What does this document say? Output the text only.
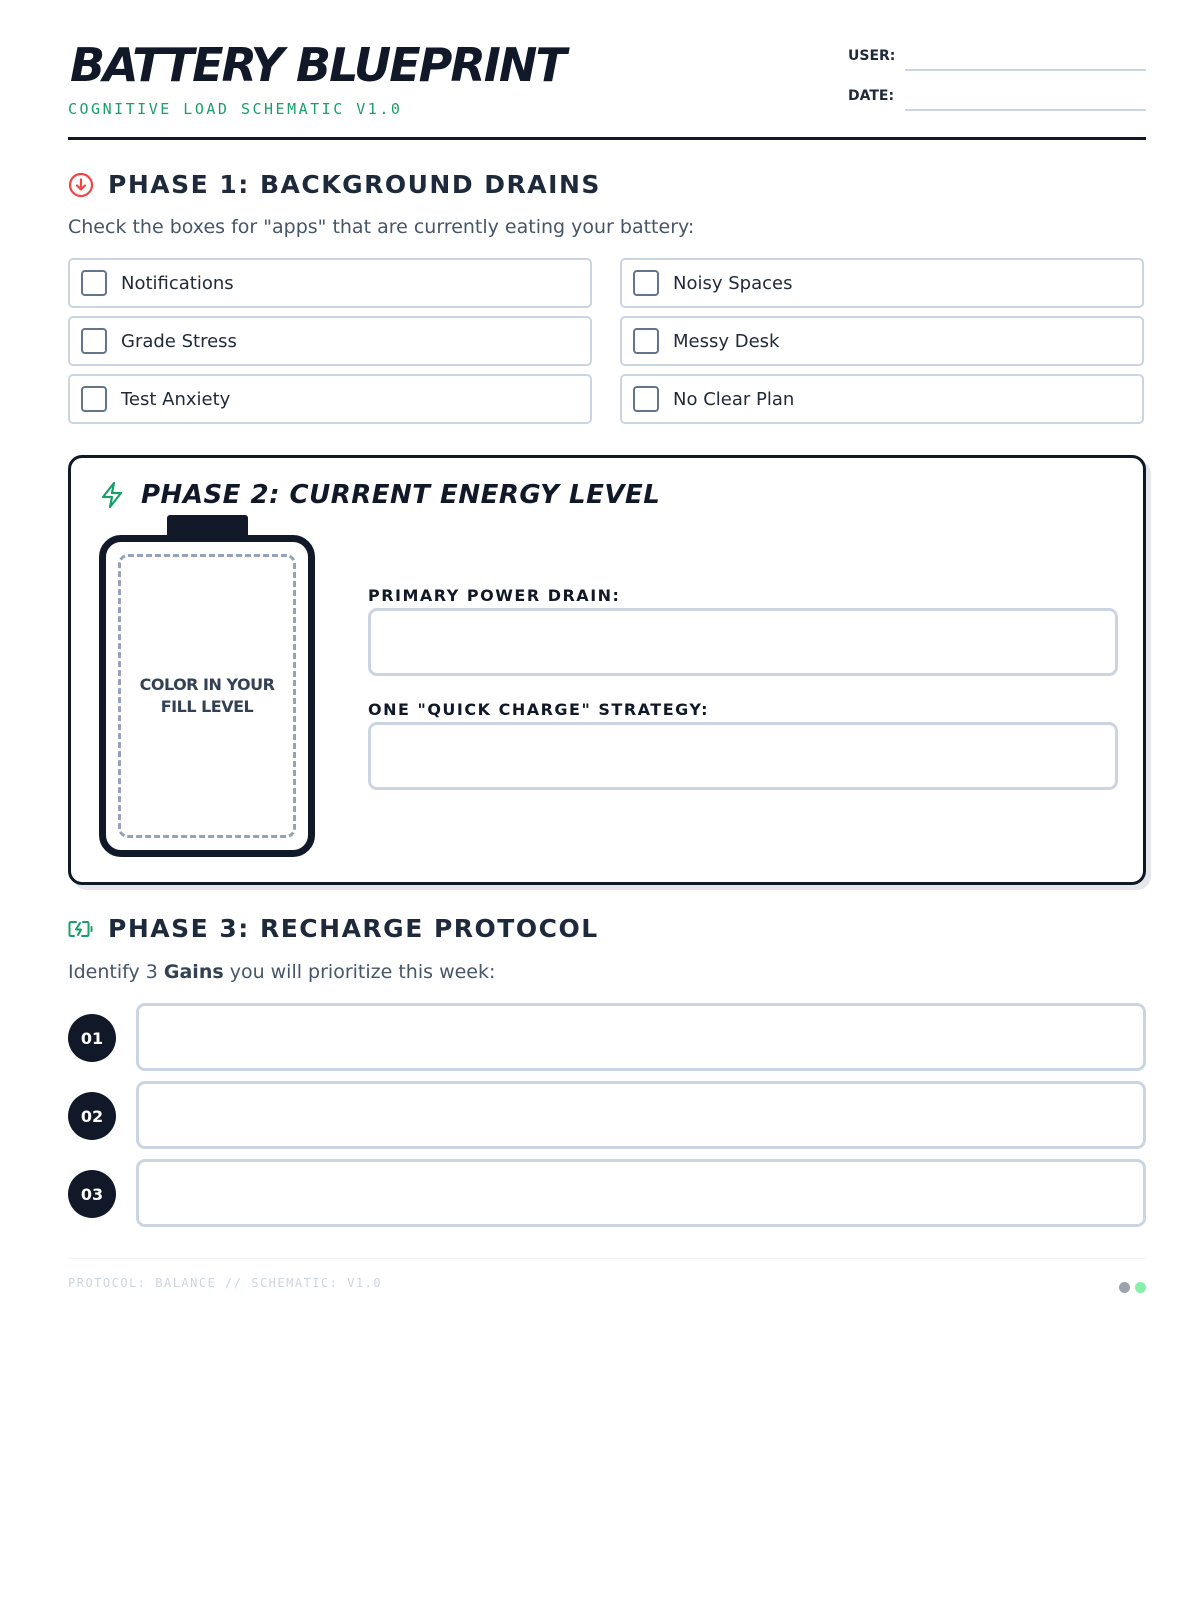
BATTERY BLUEPRINT
COGNITIVE LOAD SCHEMATIC V1.0
USER:
DATE:
PHASE 1: BACKGROUND DRAINS
Check the boxes for "apps" that are currently eating your battery:
Notifications	Noisy Spaces
Grade Stress	Messy Desk
Test Anxiety	No Clear Plan
PHASE 2: CURRENT ENERGY LEVEL
COLOR IN YOUR FILL LEVEL
PRIMARY POWER DRAIN:
ONE "QUICK CHARGE" STRATEGY:
PHASE 3: RECHARGE PROTOCOL
Identify 3 Gains you will prioritize this week:
01
02
03
PROTOCOL: BALANCE // SCHEMATIC: V1.0
